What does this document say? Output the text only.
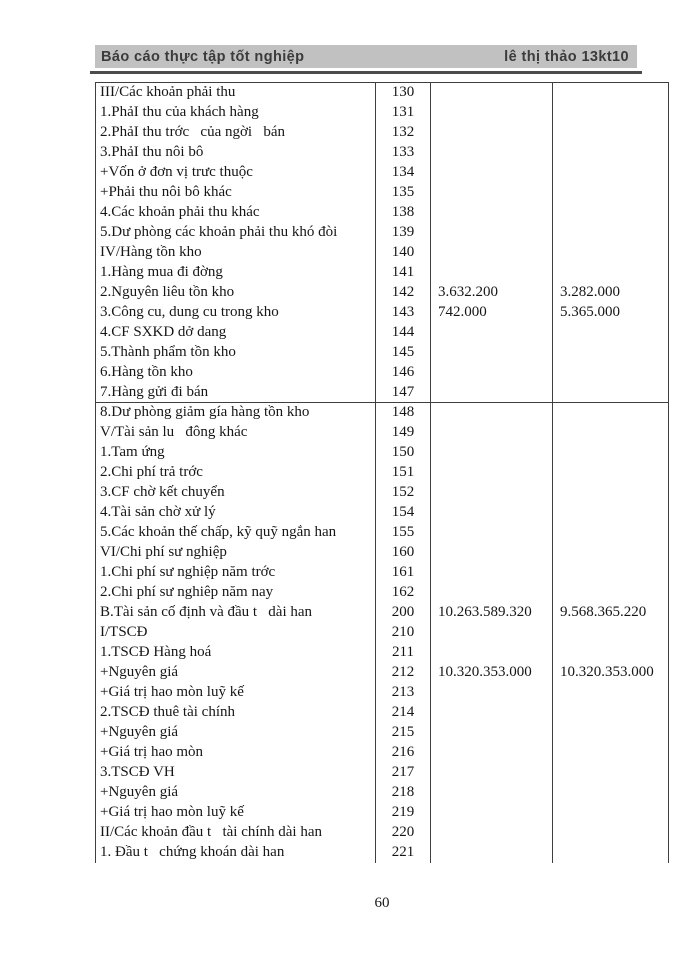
Báo cáo thực tập tốt nghiệp	lê thị thảo 13kt10
III/Các khoản phải thu	130
1.PhảI thu của khách hàng	131
2.PhảI thu trớc   của ngời   bán	132
3.PhảI thu nôi bô	133
+Vốn ở đơn vị trưc thuộc	134
+Phải thu nôi bô khác	135
4.Các khoản phải thu khác	138
5.Dư phòng các khoản phải thu khó đòi	139
IV/Hàng tồn kho	140
1.Hàng mua đi đờng	141
2.Nguyên liêu tồn kho	142	3.632.200	3.282.000
3.Công cu, dung cu trong kho	143	742.000	5.365.000
4.CF SXKD dở dang	144
5.Thành phẩm tồn kho	145
6.Hàng tồn kho	146
7.Hàng gửi đi bán	147
8.Dư phòng giảm gía hàng tồn kho	148
V/Tài sản lu   đông khác	149
1.Tam ứng	150
2.Chi phí trả trớc	151
3.CF chờ kết chuyển	152
4.Tài sản chờ xử lý	154
5.Các khoản thế chấp, kỹ quỹ ngắn han	155
VI/Chi phí sư nghiệp	160
1.Chi phí sư nghiệp năm trớc	161
2.Chi phí sư nghiêp năm nay	162
B.Tài sản cố định và đầu t   dài han	200	10.263.589.320	9.568.365.220
I/TSCĐ	210
1.TSCĐ Hàng hoá	211
+Nguyên giá	212	10.320.353.000	10.320.353.000
+Giá trị hao mòn luỹ kế	213
2.TSCĐ thuê tài chính	214
+Nguyên giá	215
+Giá trị hao mòn	216
3.TSCĐ VH	217
+Nguyên giá	218
+Giá trị hao mòn luỹ kế	219
II/Các khoản đầu t   tài chính dài han	220
1. Đầu t   chứng khoán dài han	221
60
